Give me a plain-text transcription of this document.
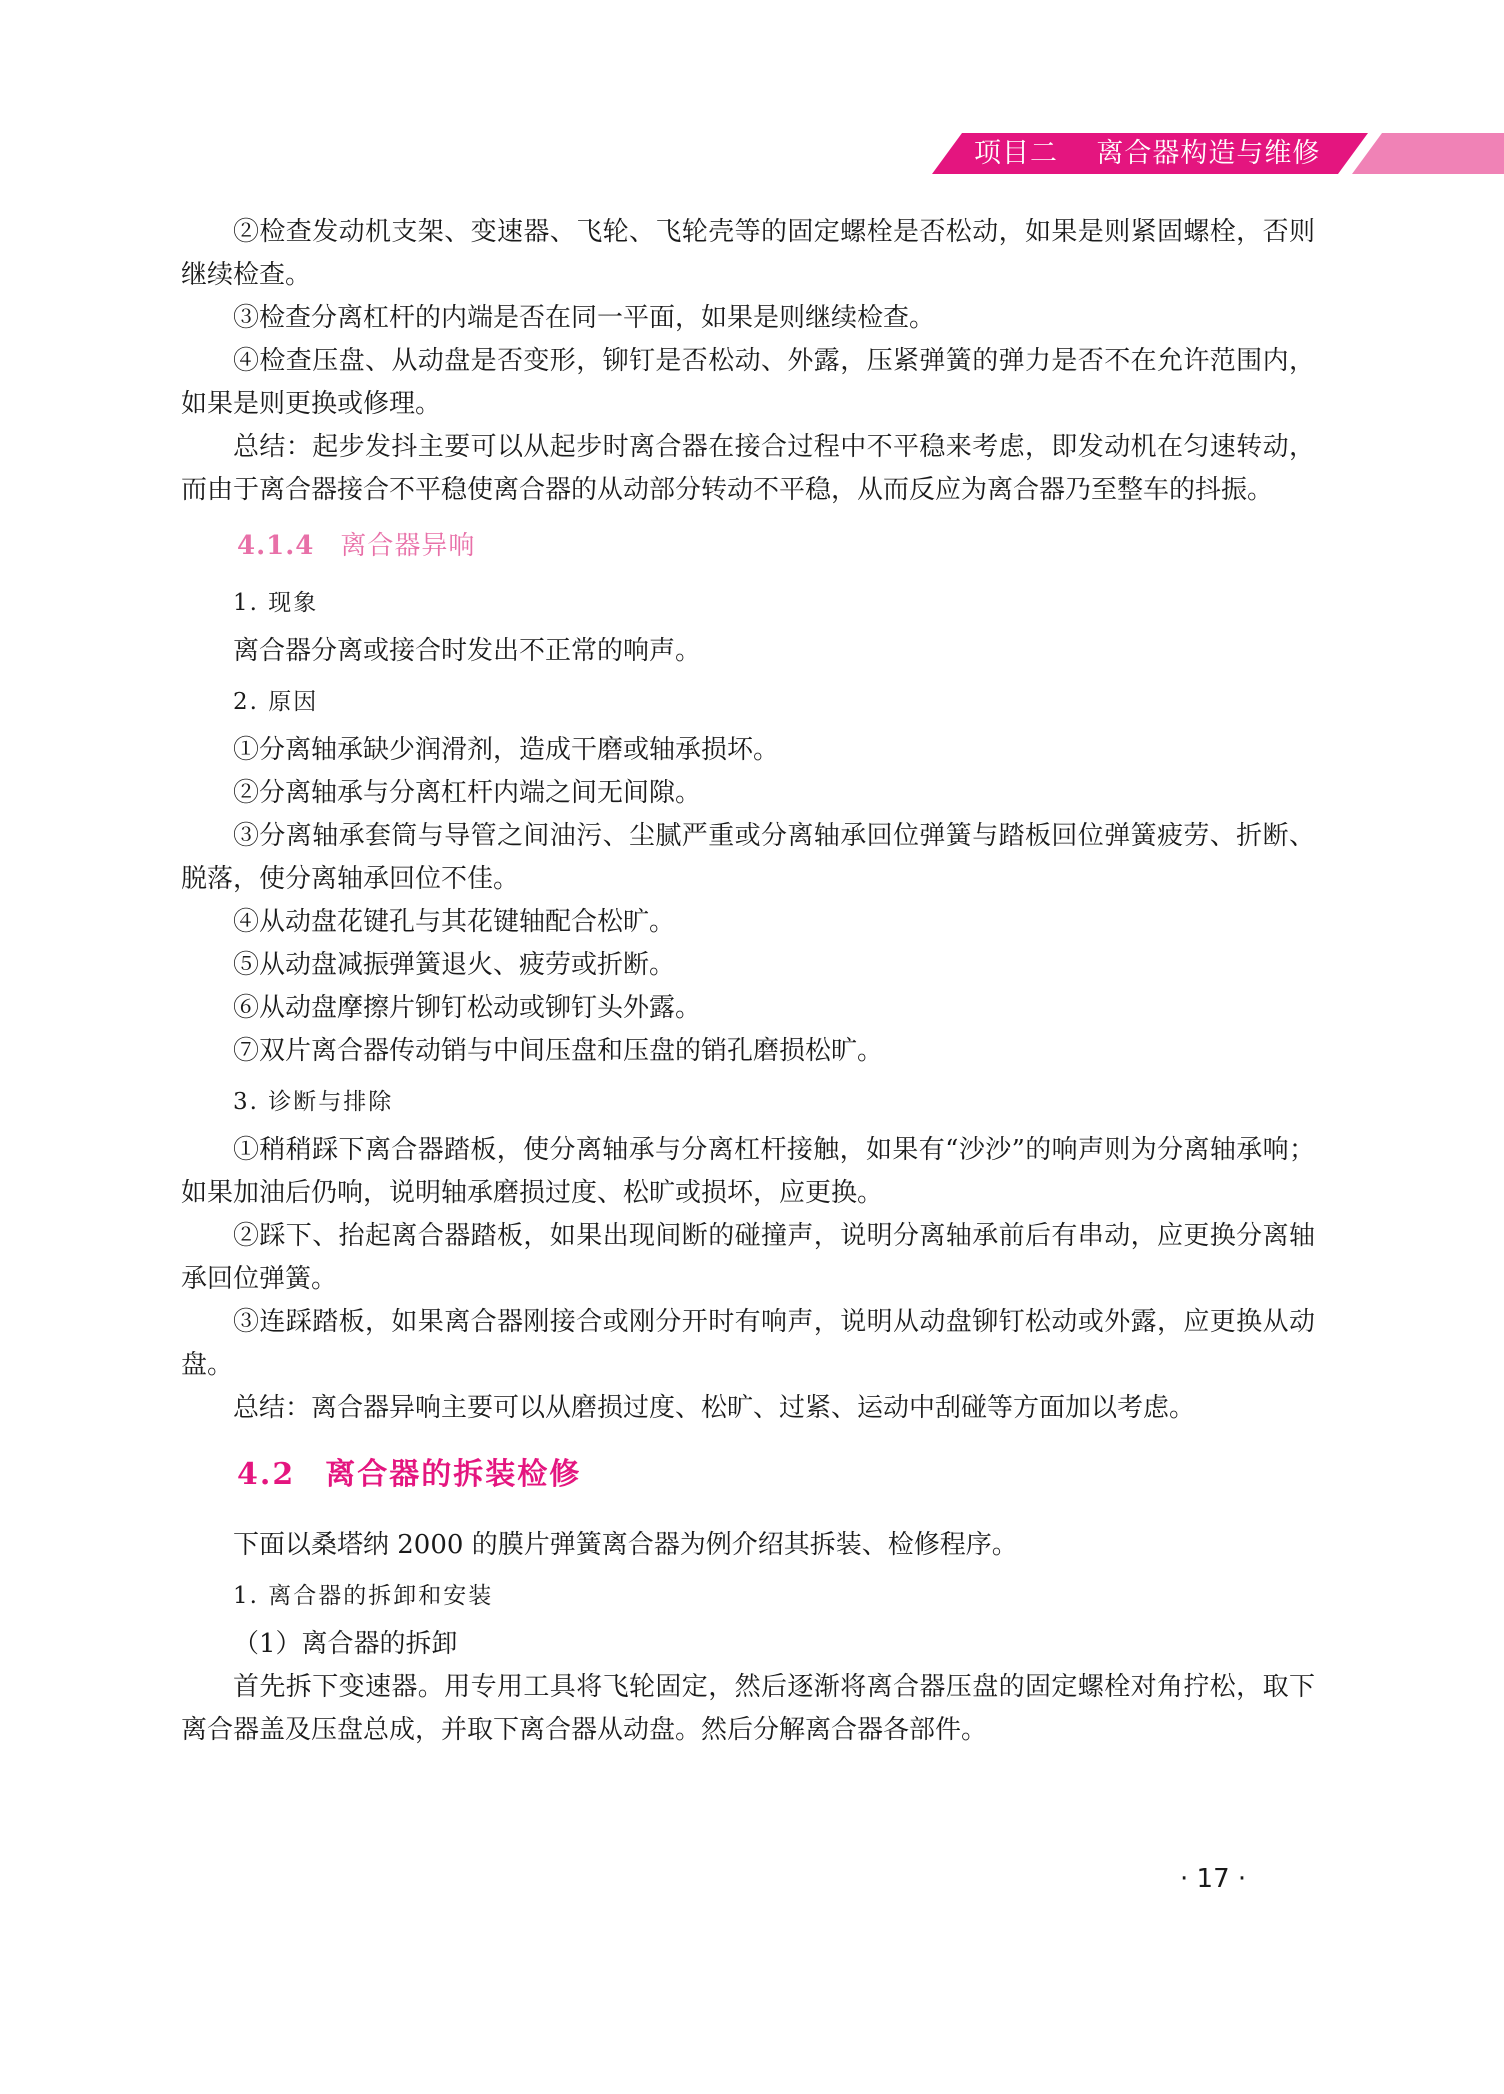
项目二    离合器构造与维修

②检查发动机支架、变速器、飞轮、飞轮壳等的固定螺栓是否松动，如果是则紧固螺栓，否则继续检查。

③检查分离杠杆的内端是否在同一平面，如果是则继续检查。

④检查压盘、从动盘是否变形，铆钉是否松动、外露，压紧弹簧的弹力是否不在允许范围内，如果是则更换或修理。

总结：起步发抖主要可以从起步时离合器在接合过程中不平稳来考虑，即发动机在匀速转动，而由于离合器接合不平稳使离合器的从动部分转动不平稳，从而反应为离合器乃至整车的抖振。

4.1.4 离合器异响

1. 现象

离合器分离或接合时发出不正常的响声。

2. 原因

①分离轴承缺少润滑剂，造成干磨或轴承损坏。

②分离轴承与分离杠杆内端之间无间隙。

③分离轴承套筒与导管之间油污、尘腻严重或分离轴承回位弹簧与踏板回位弹簧疲劳、折断、脱落，使分离轴承回位不佳。

④从动盘花键孔与其花键轴配合松旷。

⑤从动盘减振弹簧退火、疲劳或折断。

⑥从动盘摩擦片铆钉松动或铆钉头外露。

⑦双片离合器传动销与中间压盘和压盘的销孔磨损松旷。

3. 诊断与排除

①稍稍踩下离合器踏板，使分离轴承与分离杠杆接触，如果有“沙沙”的响声则为分离轴承响；如果加油后仍响，说明轴承磨损过度、松旷或损坏，应更换。

②踩下、抬起离合器踏板，如果出现间断的碰撞声，说明分离轴承前后有串动，应更换分离轴承回位弹簧。

③连踩踏板，如果离合器刚接合或刚分开时有响声，说明从动盘铆钉松动或外露，应更换从动盘。

总结：离合器异响主要可以从磨损过度、松旷、过紧、运动中刮碰等方面加以考虑。

4.2 离合器的拆装检修

下面以桑塔纳 2000 的膜片弹簧离合器为例介绍其拆装、检修程序。

1. 离合器的拆卸和安装

（1）离合器的拆卸

首先拆下变速器。用专用工具将飞轮固定，然后逐渐将离合器压盘的固定螺栓对角拧松，取下离合器盖及压盘总成，并取下离合器从动盘。然后分解离合器各部件。

· 17 ·
